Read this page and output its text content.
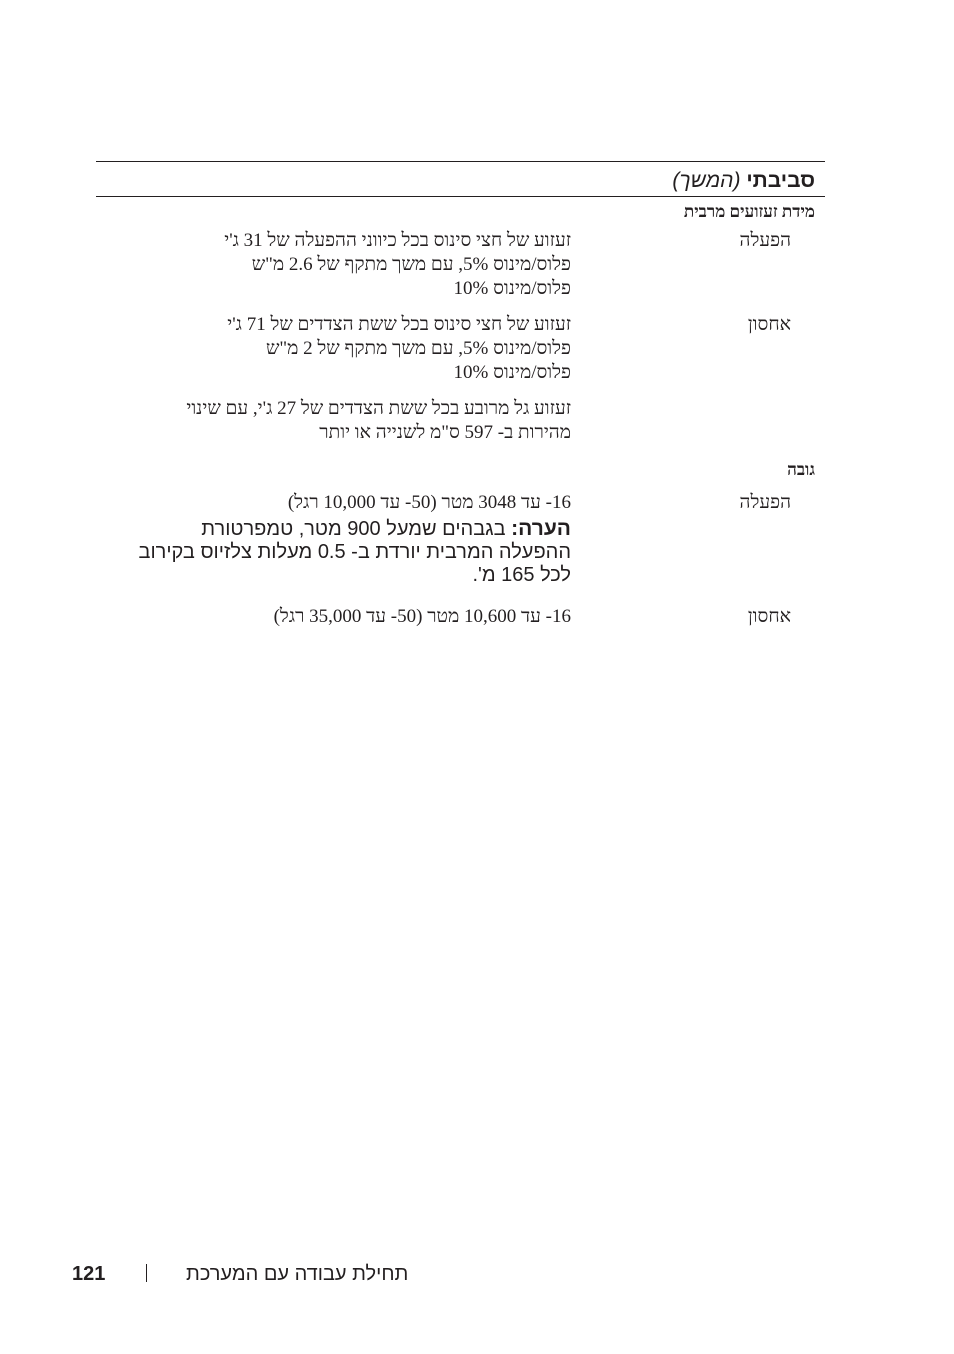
סביבתי (המשך)
מידת זעזועים מרבית
הפעלה
זעזוע של חצי סינוס בכל כיווני ההפעלה של 31 ג'י
פלוס/מינוס 5%, עם משך מתקף של 2.6 מ"ש
פלוס/מינוס 10%
אחסון
זעזוע של חצי סינוס בכל ששת הצדדים של 71 ג'י
פלוס/מינוס 5%, עם משך מתקף של 2 מ"ש
פלוס/מינוס 10%
זעזוע גל מרובע בכל ששת הצדדים של 27 ג'י, עם שינוי
מהירות ב- 597 ס"מ לשנייה או יותר
גובה
הפעלה
16- עד 3048 מטר (50- עד 10,000 רגל)
הערה: בגבהים שמעל 900 מטר, טמפרטורת
ההפעלה המרבית יורדת ב- 0.5 מעלות צלזיוס בקירוב
לכל 165 מ'.
אחסון
16- עד 10,600 מטר (50- עד 35,000 רגל)
121	תחילת עבודה עם המערכת
